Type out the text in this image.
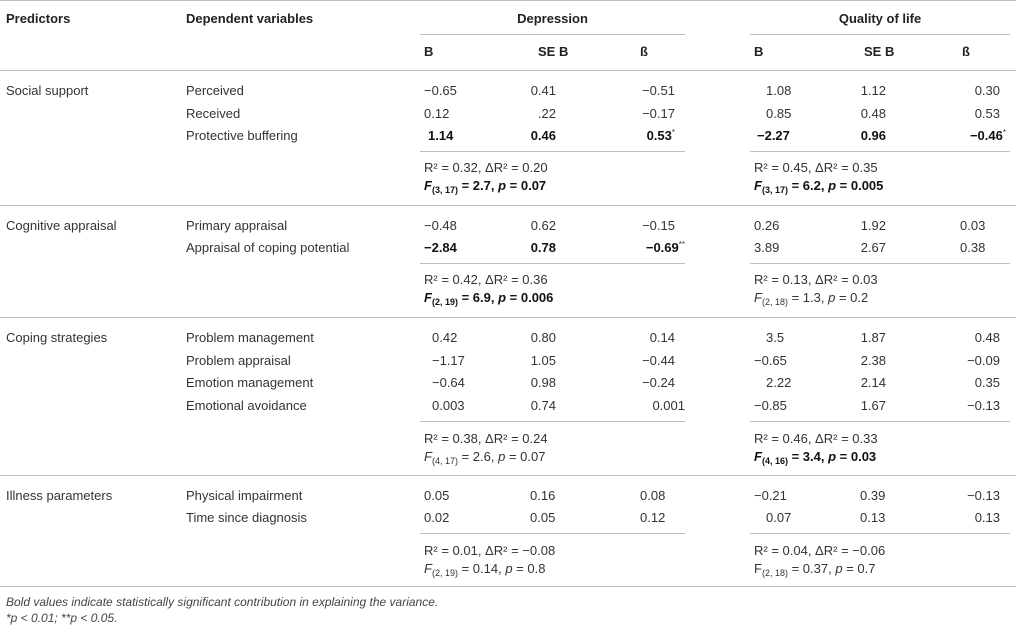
Predictors	Dependent variables	Depression	Quality of life
B	SE B	ß	B	SE B	ß
Social support	Perceived	−0.65	0.41	−0.51	1.08	1.12	0.30
Received	0.12	.22	−0.17	0.85	0.48	0.53
Protective buffering	1.14	0.46	0.53*	−2.27	0.96	−0.46*
R² = 0.32, ΔR² = 0.20
$F_{(3, 17)} = 2.7$, p = 0.07
R² = 0.45, ΔR² = 0.35
$F_{(3, 17)} = 6.2$, p = 0.005
Cognitive appraisal	Primary appraisal	−0.48	0.62	−0.15	0.26	1.92	0.03
Appraisal of coping potential	−2.84	0.78	−0.69**	3.89	2.67	0.38
R² = 0.42, ΔR² = 0.36
$F_{(2, 19)} = 6.9$, p = 0.006
R² = 0.13, ΔR² = 0.03
$F_{(2, 18)} = 1.3$, p = 0.2
Coping strategies	Problem management	0.42	0.80	0.14	3.5	1.87	0.48
Problem appraisal	−1.17	1.05	−0.44	−0.65	2.38	−0.09
Emotion management	−0.64	0.98	−0.24	2.22	2.14	0.35
Emotional avoidance	0.003	0.74	0.001	−0.85	1.67	−0.13
R² = 0.38, ΔR² = 0.24
$F_{(4, 17)} = 2.6$, p = 0.07
R² = 0.46, ΔR² = 0.33
$F_{(4, 16)} = 3.4$, p = 0.03
Illness parameters	Physical impairment	0.05	0.16	0.08	−0.21	0.39	−0.13
Time since diagnosis	0.02	0.05	0.12	0.07	0.13	0.13
R² = 0.01, ΔR² = −0.08
$F_{(2, 19)} = 0.14$, p = 0.8
R² = 0.04, ΔR² = −0.06
$F_{(2, 18)} = 0.37$, p = 0.7
Bold values indicate statistically significant contribution in explaining the variance.
*p < 0.01; **p < 0.05.
